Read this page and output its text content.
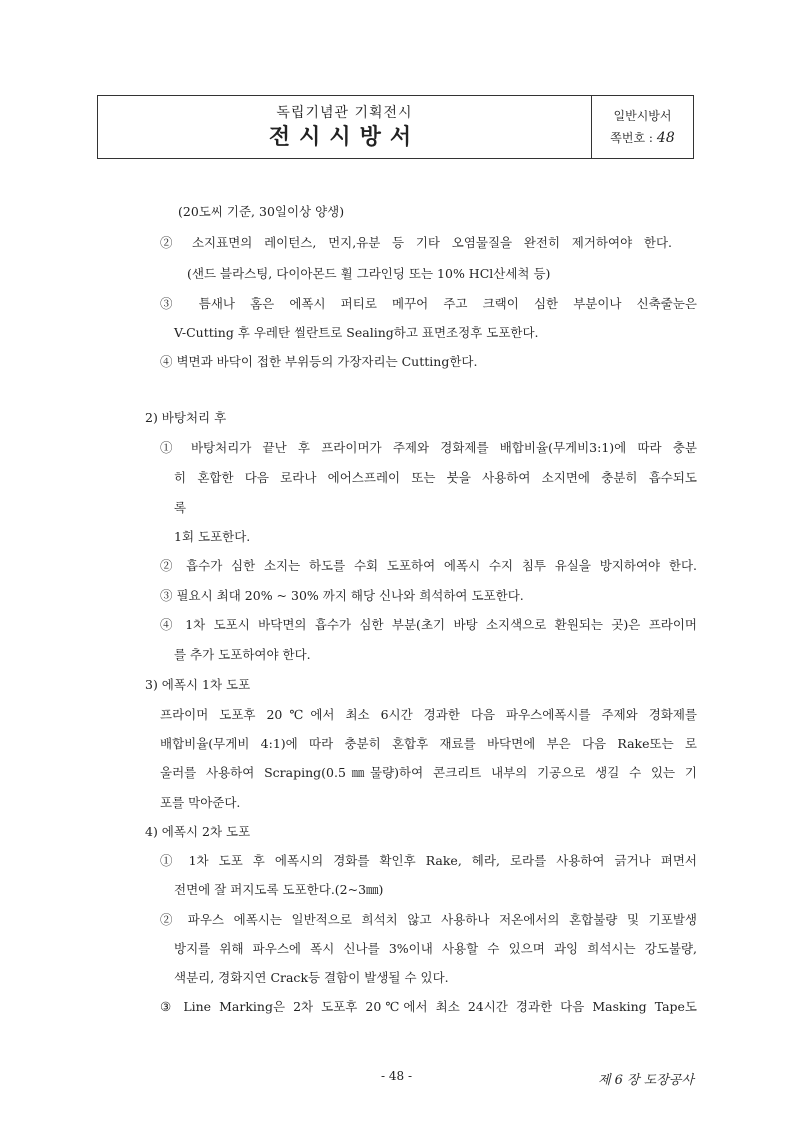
독립기념관 기획전시
전시시방서
일반시방서
쪽번호 : 48
(20도씨 기준, 30일이상 양생)
② 소지표면의 레이턴스, 먼지,유분 등 기타 오염물질을 완전히 제거하여야 한다.
(샌드 블라스팅, 다이아몬드 휠 그라인딩 또는 10% HCl산세척 등)
③ 틈새나 홈은 에폭시 퍼티로 메꾸어 주고 크랙이 심한 부분이나 신축줄눈은
V-Cutting 후 우레탄 씰란트로 Sealing하고 표면조정후 도포한다.
④ 벽면과 바닥이 접한 부위등의 가장자리는 Cutting한다.
2) 바탕처리 후
① 바탕처리가 끝난 후 프라이머가 주제와 경화제를 배합비율(무게비3:1)에 따라 충분
히 혼합한 다음 로라나 에어스프레이 또는 붓을 사용하여 소지면에 충분히 흡수되도
록
1회 도포한다.
② 흡수가 심한 소지는 하도를 수회 도포하여 에폭시 수지 침투 유실을 방지하여야 한다.
③ 필요시 최대 20% ~ 30% 까지 해당 신나와 희석하여 도포한다.
④ 1차 도포시 바닥면의 흡수가 심한 부분(초기 바탕 소지색으로 환원되는 곳)은 프라이머
를 추가 도포하여야 한다.
3) 에폭시 1차 도포
프라이머 도포후 20℃에서 최소 6시간 경과한 다음 파우스에폭시를 주제와 경화제를
배합비율(무게비 4:1)에 따라 충분히 혼합후 재료를 바닥면에 부은 다음 Rake또는 로
울러를 사용하여 Scraping(0.5㎜물량)하여 콘크리트 내부의 기공으로 생길 수 있는 기
포를 막아준다.
4) 에폭시 2차 도포
① 1차 도포 후 에폭시의 경화를 확인후 Rake, 헤라, 로라를 사용하여 긁거나 펴면서
전면에 잘 퍼지도록 도포한다.(2~3㎜)
② 파우스 에폭시는 일반적으로 희석치 않고 사용하나 저온에서의 혼합불량 및 기포발생
방지를 위해 파우스에 폭시 신나를 3%이내 사용할 수 있으며 과잉 희석시는 강도불량,
색분리, 경화지연 Crack등 결함이 발생될 수 있다.
③ Line Marking은 2차 도포후 20℃에서 최소 24시간 경과한 다음 Masking Tape도
- 48 -	제 6 장 도장공사
